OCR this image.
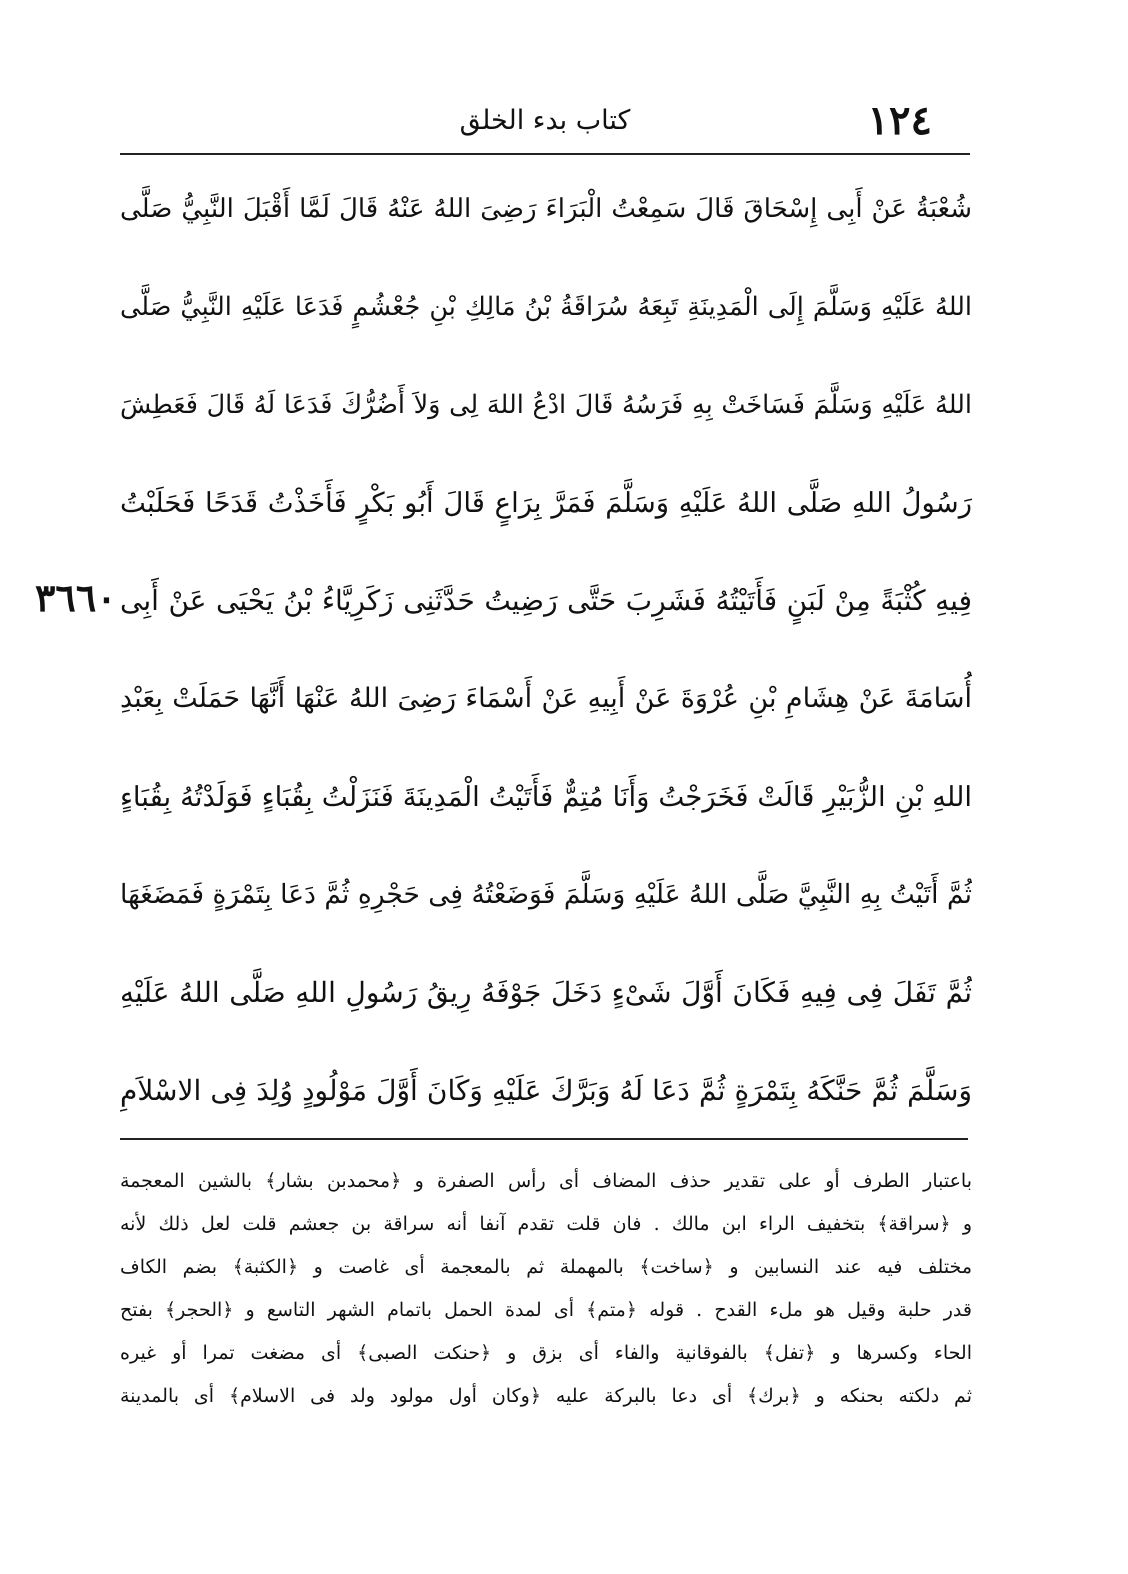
١٢٤
كتاب بدء الخلق
شُعْبَةُ عَنْ أَبِى إِسْحَاقَ قَالَ سَمِعْتُ الْبَرَاءَ رَضِىَ اللهُ عَنْهُ قَالَ لَمَّا أَقْبَلَ النَّبِيُّ صَلَّى
اللهُ عَلَيْهِ وَسَلَّمَ إِلَى الْمَدِينَةِ تَبِعَهُ سُرَاقَةُ بْنُ مَالِكِ بْنِ جُعْشُمٍ فَدَعَا عَلَيْهِ النَّبِيُّ صَلَّى
اللهُ عَلَيْهِ وَسَلَّمَ فَسَاخَتْ بِهِ فَرَسُهُ قَالَ ادْعُ اللهَ لِى وَلاَ أَضُرُّكَ فَدَعَا لَهُ قَالَ فَعَطِشَ
رَسُولُ اللهِ صَلَّى اللهُ عَلَيْهِ وَسَلَّمَ فَمَرَّ بِرَاعٍ قَالَ أَبُو بَكْرٍ فَأَخَذْتُ قَدَحًا فَحَلَبْتُ
فِيهِ كُثْبَةً مِنْ لَبَنٍ فَأَتَيْتُهُ فَشَرِبَ حَتَّى رَضِيتُ حَدَّثَنِى زَكَرِيَّاءُ بْنُ يَحْيَى عَنْ أَبِى
أُسَامَةَ عَنْ هِشَامِ بْنِ عُرْوَةَ عَنْ أَبِيهِ عَنْ أَسْمَاءَ رَضِىَ اللهُ عَنْهَا أَنَّهَا حَمَلَتْ بِعَبْدِ
اللهِ بْنِ الزُّبَيْرِ قَالَتْ فَخَرَجْتُ وَأَنَا مُتِمٌّ فَأَتَيْتُ الْمَدِينَةَ فَنَزَلْتُ بِقُبَاءٍ فَوَلَدْتُهُ بِقُبَاءٍ
ثُمَّ أَتَيْتُ بِهِ النَّبِيَّ صَلَّى اللهُ عَلَيْهِ وَسَلَّمَ فَوَضَعْتُهُ فِى حَجْرِهِ ثُمَّ دَعَا بِتَمْرَةٍ فَمَضَغَهَا
ثُمَّ تَفَلَ فِى فِيهِ فَكَانَ أَوَّلَ شَىْءٍ دَخَلَ جَوْفَهُ رِيقُ رَسُولِ اللهِ صَلَّى اللهُ عَلَيْهِ
وَسَلَّمَ ثُمَّ حَنَّكَهُ بِتَمْرَةٍ ثُمَّ دَعَا لَهُ وَبَرَّكَ عَلَيْهِ وَكَانَ أَوَّلَ مَوْلُودٍ وُلِدَ فِى الاسْلاَمِ
٣٦٦٠
باعتبار الطرف أو على تقدير حذف المضاف أى رأس الصفرة و ﴿محمدبن بشار﴾ بالشين المعجمة
و ﴿سراقة﴾ بتخفيف الراء ابن مالك . فان قلت تقدم آنفا أنه سراقة بن جعشم قلت لعل ذلك لأنه
مختلف فيه عند النسابين و ﴿ساخت﴾ بالمهملة ثم بالمعجمة أى غاصت و ﴿الكثبة﴾ بضم الكاف
قدر حلبة وقيل هو ملء القدح . قوله ﴿متم﴾ أى لمدة الحمل باتمام الشهر التاسع و ﴿الحجر﴾ بفتح
الحاء وكسرها و ﴿تفل﴾ بالفوقانية والفاء أى بزق و ﴿حنكت الصبى﴾ أى مضغت تمرا أو غيره
ثم دلكته بحنكه و ﴿برك﴾ أى دعا بالبركة عليه ﴿وكان أول مولود ولد فى الاسلام﴾ أى بالمدينة
